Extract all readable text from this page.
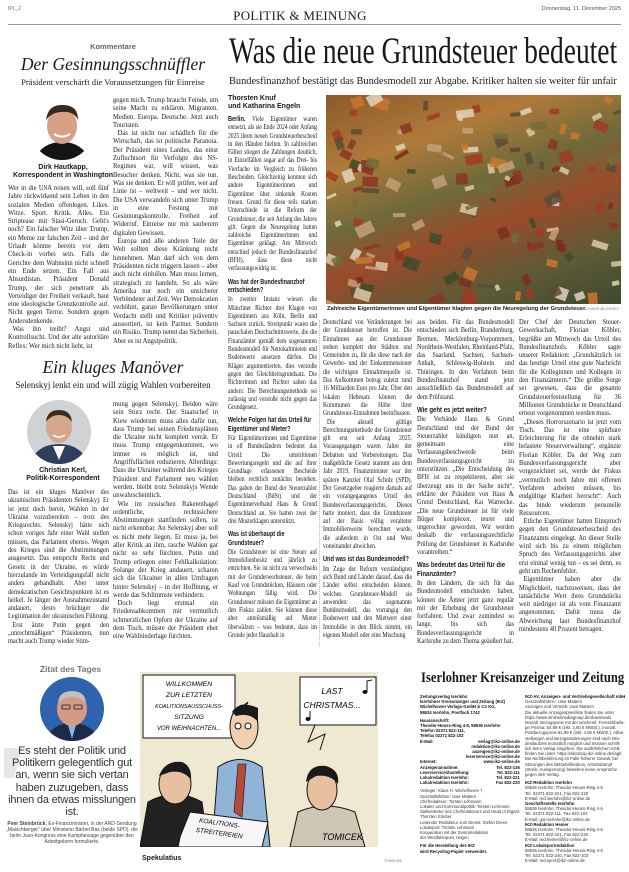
IPL_2	POLITIK & MEINUNG	Donnerstag, 11. Dezember 2025
Kommentare
Der Gesinnungsschnüffler
Präsident verschärft die Voraussetzungen für Einreise
Dirk Hautkapp,
Korrespondent in Washington

Wer in die USA reisen will, soll fünf Jahre rückwirkend sein Leben in den sozialen Medien offenlegen. Likes. Witze. Sport. Kritik. Alles. Ein Striptease mit Stasi-Geruch. Geht's noch? Ein falscher Witz über Trump, ein Meme zur falschen Zeit – und der Urlaub könnte bereits vor dem Check-in vorbei sein. Falls die Gerichte dem Wahnsinn nicht schnell ein Ende setzen. Ein Fall aus Absurdistan. Präsident Donald Trump, der sich penetrant als Verteidiger der Freiheit verkauft, baut eine ideologische Grenzkontrolle auf. Nicht gegen Terror. Sondern gegen Andersdenkende.

Was ihn treibt? Angst und Kontrollsucht. Und der alte autoritäre Reflex: Wer mich nicht liebt, ist

gegen mich. Trump braucht Feinde, um seine Macht zu erklären. Migranten. Medien. Europa. Deutsche. Jetzt auch Touristen.

Das ist nicht nur schädlich für die Wirtschaft, das ist politische Paranoia. Der Präsident eines Landes, das einst Zufluchtsort für Verfolgte des NS-Regimes war, will wissen, was Besucher denken. Nicht, was sie tun. Was sie denken. Er will prüfen, wer auf Linie ist – weltweit – und wer nicht. Die USA verwandeln sich unter Trump in eine Festung mit Gesinnungskontrolle. Freiheit auf Widerruf. Einreise nur mit sauberem digitalen Gewissen.

Europa und alle anderen Teile der Welt sollten diese Kränkung nicht hinnehmen. Man darf sich von dem Präsidenten nicht triggern lassen – aber auch nicht einlullen. Man muss lernen, strategisch zu handeln. So als wäre Amerika nur noch ein unsicherer Verbündeter auf Zeit. Wer Demokratien verhöhnt, ganze Bevölkerungen unter Verdacht stellt und Kritiker präventiv aussortiert, ist kein Partner. Sondern ein Risiko. Trump nennt das Sicherheit. Aber es ist Angstpolitik.

Ein kluges Manöver
Selenskyj lenkt ein und will zügig Wahlen vorbereiten
Christian Kerl,
Politik-Korrespondent

Das ist ein kluges Manöver des ukrainischen Präsidenten Selenskyj: Er ist jetzt doch bereit, Wahlen in der Ukraine vorzubereiten – trotz des Kriegsrechts. Selenskyj hätte sich schon voriges Jahr einer Wahl stellen müssen, das Parlament ebenso. Wegen des Krieges sind die Abstimmungen ausgesetzt. Das entspricht Recht und Gesetz in der Ukraine, es würde hierzulande im Verteidigungsfall nicht anders gehandhabt. Aber unter demokratischen Gesichtspunkten ist es heikel. Je länger der Ausnahmezustand andauert, desto brüchiger die Legitimation der ukrainischen Führung.

Erst ätzte Putin gegen den „unrechtmäßigen“ Präsidenten, nun macht auch Trump wieder Stim-

mung gegen Selenskyj. Beiden wäre sein Sturz recht. Der Staatschef in Kiew wiederum muss alles dafür tun, dass Trump bei seinen Friedensplänen die Ukraine nicht komplett verrät. Er muss Trump entgegenkommen, wo immer es möglich ist, und Angriffsflächen reduzieren. Allerdings: Dass die Ukrainer während des Krieges Präsident und Parlament neu wählen werden, bleibt trotz Selenskyjs Wende unwahrscheinlich.

Wie im russischen Raketenhagel ordentliche, rechtssichere Abstimmungen stattfinden sollen, ist nicht erkennbar. An Selenskyj aber soll es nicht mehr liegen. Er muss ja, bei aller Kritik an ihm, rasche Wahlen gar nicht so sehr fürchten. Putin und Trump erliegen einer Fehlkalkulation: Solange der Krieg andauert, scharen sich die Ukrainer in allen Umfragen hinter Selenskyj – in der Hoffnung, er werde das Schlimmste verhindern.

Doch liegt erstmal ein Friedensabkommen mit vermutlich schmerzlichen Opfern der Ukraine auf dem Tisch, müsste der Präsident eher eine Wahlniederlage fürchten.

Was die neue Grundsteuer bedeutet
Bundesfinanzhof bestätigt das Bundesmodell zur Abgabe. Kritiker halten sie weiter für unfair
Thorsten Knuf
und Katharina Engeln

Berlin. Viele Eigentümer waren entsetzt, als sie Ende 2024 oder Anfang 2025 ihren neuen Grundsteuerbescheid in den Händen hielten. In zahlreichen Fällen stiegen die Zahlungen deutlich, in Einzelfällen sogar auf das Drei- bis Vierfache im Vergleich zu früheren Bescheiden. Gleichzeitig konnten sich andere Eigentümerinnen und Eigentümer über sinkende Kosten freuen. Grund für diese teils starken Unterschiede ist die Reform der Grundsteuer, die seit Anfang des Jahres gilt. Gegen die Neuregelung hatten zahlreiche Eigentümerinnen und Eigentümer geklagt. Am Mittwoch entschied jedoch der Bundesfinanzhof (BFH), dass diese nicht verfassungswidrig ist.

Was hat der Bundesfinanzhof entschieden?

In zweiter Instanz wiesen die Münchner Richter drei Klagen von Eigentümern aus Köln, Berlin und Sachsen zurück. Streitpunkt waren die pauschalen Durchschnittswerte, die die Finanzämter gemäß dem sogenannten Bundesmodell für Nettokaltmieten und Bodenwerte ansetzen dürfen. Die Kläger argumentierten, dies verstoße gegen den Gleichheitsgrundsatz. Die Richterinnen und Richter sahen das anders: Die Berechnungsmethode sei zulässig und verstoße nicht gegen das Grundgesetz.

Welche Folgen hat das Urteil für Eigentümer und Mieter?

Für Eigentümerinnen und Eigentümer in elf Bundesländern bedeutet das Urteil: Die umstrittenen Bewertungsregeln und die auf ihrer Grundlage erlassenen Bescheide bleiben rechtlich zunächst bestehen. Das gaben der Bund der Steuerzahler Deutschland (BdSt) und der Eigentümerverband Haus & Grund Deutschland an. Sie hatten zwei der drei Musterklagen unterstützt.

Was ist überhaupt die Grundsteuer?

Die Grundsteuer ist eine Steuer auf Immobilienbesitz und jährlich zu entrichten. Sie ist nicht zu verwechseln mit der Grunderwerbsteuer, die beim Kauf von Grundstücken, Häusern oder Wohnungen fällig wird. Die Grundsteuer müssen die Eigentümer an den Fiskus zahlen. Sie können diese aber anteilsmäßig auf Mieter überwälzen – was bedeutet, dass im Grunde jeder Haushalt in

Zahlreiche Eigentümerinnen und Eigentümer klagten gegen die Neuregelung der Grundsteuer. HANS BLOSSEY

Deutschland von Veränderungen bei der Grundsteuer betroffen ist. Die Einnahmen aus der Grundsteuer stehen komplett den Städten und Gemeinden zu, für die diese nach der Gewerbe- und der Einkommensteuer die wichtigste Einnahmequelle ist. Das Aufkommen betrug zuletzt rund 16 Milliarden Euro pro Jahr. Über den lokalen Hebesatz können die Kommunen die Höhe ihrer Grundsteuer-Einnahmen beeinflussen.

Die aktuell gültige Berechnungsmethode der Grundsteuer gilt erst seit Anfang 2025. Vorausgegangen waren Jahre der Debatten und Vorbereitungen. Das maßgebliche Gesetz stammt aus dem Jahr 2019, Finanzminister war der spätere Kanzler Olaf Scholz (SPD). Der Gesetzgeber reagierte damals auf ein vorangegangenes Urteil des Bundesverfassungsgerichts. Dieses hatte moniert, dass die Grundsteuer auf der Basis völlig veralteter Immobilienwerte berechnet wurde, die außerdem in Ost und West voneinander abwichen.

Und was ist das Bundesmodell?

Im Zuge der Reform verständigten sich Bund und Länder darauf, dass die Länder selbst entscheiden können, welches Grundsteuer-Modell sie anwenden: das sogenannte Bundesmodell, das vorrangig den Bodenwert und den Mietwert einer Immobilie in den Blick nimmt, ein eigenes Modell oder eine Mischung

aus beiden. Für das Bundesmodell entschieden sich Berlin, Brandenburg, Bremen, Mecklenburg-Vorpommern, Nordrhein-Westfalen, Rheinland-Pfalz, das Saarland, Sachsen, Sachsen-Anhalt, Schleswig-Holstein und Thüringen. In den Verfahren beim Bundesfinanzhof stand jetzt ausschließlich das Bundesmodell auf dem Prüfstand.

Wie geht es jetzt weiter?

Die Verbände Haus & Grund Deutschland und der Bund der Steuerzahler kündigten nun an, gemeinsam eine Verfassungsbeschwerde beim Bundesverfassungsgericht zu unterstützen. „Die Entscheidung des BFH ist zu respektieren, aber sie überzeugt uns in der Sache nicht“, erklärte der Präsident von Haus & Grund Deutschland, Kai Warnecke. „Die neue Grundsteuer ist für viele Bürger komplexer, teurer und ungerechter geworden. Wir werden deshalb die verfassungsrechtliche Prüfung der Grundsteuer in Karlsruhe vorantreiben.“

Was bedeutet das Urteil für die Finanzämter?

In den Ländern, die sich für das Bundesmodell entschieden haben, können die Ämter jetzt ganz regulär mit der Erhebung der Grundsteuer fortfahren. Und zwar zumindest so lange, bis sich das Bundesverfassungsgericht in Karlsruhe zu dem Thema geäußert hat.

Der Chef der Deutschen Steuer-Gewerkschaft, Florian Köbler, begrüßte am Mittwoch das Urteil des Bundesfinanzhofs. Köbler sagte unserer Redaktion: „Grundsätzlich ist das heutige Urteil eine gute Nachricht für die Kolleginnen und Kollegen in den Finanzämtern.“ Die größte Sorge sei gewesen, dass die gesamte Grundsteuerfeststellung für 36 Millionen Grundstücke in Deutschland erneut vorgenommen werden muss.

„Dieses Horrorszenario ist jetzt vom Tisch. Das ist eine spürbare Erleichterung für die ohnehin stark belastete Steuerverwaltung“, ergänzte Florian Köbler. Da der Weg zum Bundesverfassungsgericht aber vorgezeichnet sei, werde der Fiskus „vermutlich noch Jahre mit offenen Verfahren arbeiten müssen, bis endgültige Klarheit herrscht“. Auch das binde wiederum personelle Ressourcen.

Etliche Eigentümer hatten Einspruch gegen den Grundsteuerbescheid des Finanzamts eingelegt. An dieser Stelle wird sich bis zu einem möglichen Spruch des Verfassungsgerichts aber erst einmal wenig tun – es sei denn, es geht um Rechenfehler.

Eigentümer haben aber die Möglichkeit, nachzuweisen, dass der tatsächliche Wert ihres Grundstücks weit niedriger ist als vom Finanzamt angenommen. Dafür muss die Abweichung laut Bundesfinanzhof mindestens 40 Prozent betragen.

Zitat des Tages
Es steht der Politik und Politikern gelegentlich gut an, wenn sie sich vertan haben zuzugeben, dass ihnen da etwas misslungen ist.
Peer Steinbrück, Ex-Finanzminister, in der ARD-Sendung „Maischberger“ über Ministerin Bärbel Bas (beide SPD), die beim Juso-Kongress eine Kampfansage gegenüber den Arbeitgebern formulierte.
WILLKOMMEN
ZUR LETZTEN
KOALITIONSAUSSCHUSS-
SITZUNG
VOR WEIHNACHTEN...
LAST
CHRISTMAS...
KOALITIONS-
STREITEREIEN	TOMICEK
Spekulatius	TOMICEK
Iserlohner Kreisanzeiger und Zeitung
Zeitungsverlag Iserlohn
Iserlohner Kreisanzeiger und Zeitung (IKZ)
Wichelhoven Verlags-GmbH & Co KG,
58634 Iserlohn, Postfach 1742
Hausanschrift:
Theodor-Heuss-Ring 4-6, 58636 Iserlohn
Telefon 02371 822-111,
Telefax 02371 822-102
E-Mail:	verlag@ikz-online.de
redaktion@ikz-online.de
anzeigen@ikz-online.de
leserservice@ikz-online.de
Internet:	www.ikz-online.de
Anzeigenannahme:	Tel. 822-126
Leserservice/Zustellung:	Tel. 822-111
Lokalredaktion Iserlohn:	Tel. 822-221
Lokalredaktion Iserlohn:	Fax 822-220
Verleger: Klaus H. Wichelhoven †
Geschäftsführer: Uwe Mattern
Chefredakteur: Torsten Lehmann
Lokales und Kommunalpolitik: Torsten Lehmann
Stellvertreter des Chefredakteurs und Head of Digital:
Thorsten Streber
Leitender Redakteur vom Dienst: Stefan Drees
Lokalsport: Torsten Lehmann
Kooperation mit der Zentralredaktion
der Westfalenpost, Hagen
Für die Herstellung des IKZ
wird Recycling-Papier verwendet.
IKZ-AV, Anzeigen- und Vertriebsgesellschaft mbH
Geschäftsführer: Uwe Mattern
Anzeigen und Vertrieb: Uwe Mattern
Die aktuelle Anzeigenpreisliste finden Sie unter
https://www.strobelmediagroup.de/downloads
Monatl. Bezugspreis mit der wöchentl. Fernsehbeila-
ge Prisma: 54,99 € (inkl. 3,60 € MWSt.), monatl.
Postbezugspreis 61,99 € (inkl. 4,06 € MWSt.). Abbe-
stellungen und Bezugsänderungen sind nach Min-
destlaufzeit monatlich möglich und müssen schrift-
lich beim Verlag eingehen. Die ausführlichen AGB
finden Sie unter: https://aboshop.ikz-online.de//agb
Bei Nichtbelieferung im Falle höherer Gewalt, bei
Störungen des Betriebsfriedens, Arbeitskampf
(Streik, Aussperrung) bestehen keine Ansprüche
gegen den Verlag.
IKZ-Redaktion Iserlohn
58636 Iserlohn, Theodor-Heuss-Ring 4-6
Tel. 02371 822-221, Fax 822-220
E-Mail: red.iserlohn@ikz-online.de
Geschäftsstelle Iserlohn
58636 Iserlohn, Theodor-Heuss-Ring 4-6
Tel. 02371 822-111, Fax 822-102
E-Mail: gst.iserlohn@ikz-online.de
IKZ-Redaktion Hemer
58636 Iserlohn, Theodor-Heuss-Ring 4-6
Tel. 02371 822-221, Fax 822-220
E-Mail: red.hemer@ikz-online.de
IKZ-Lokalsportredaktion
58636 Iserlohn, Theodor-Heuss-Ring 4-6
Tel. 02371 822-240, Fax 822-102
E-Mail: red.sport@ikz-online.de
